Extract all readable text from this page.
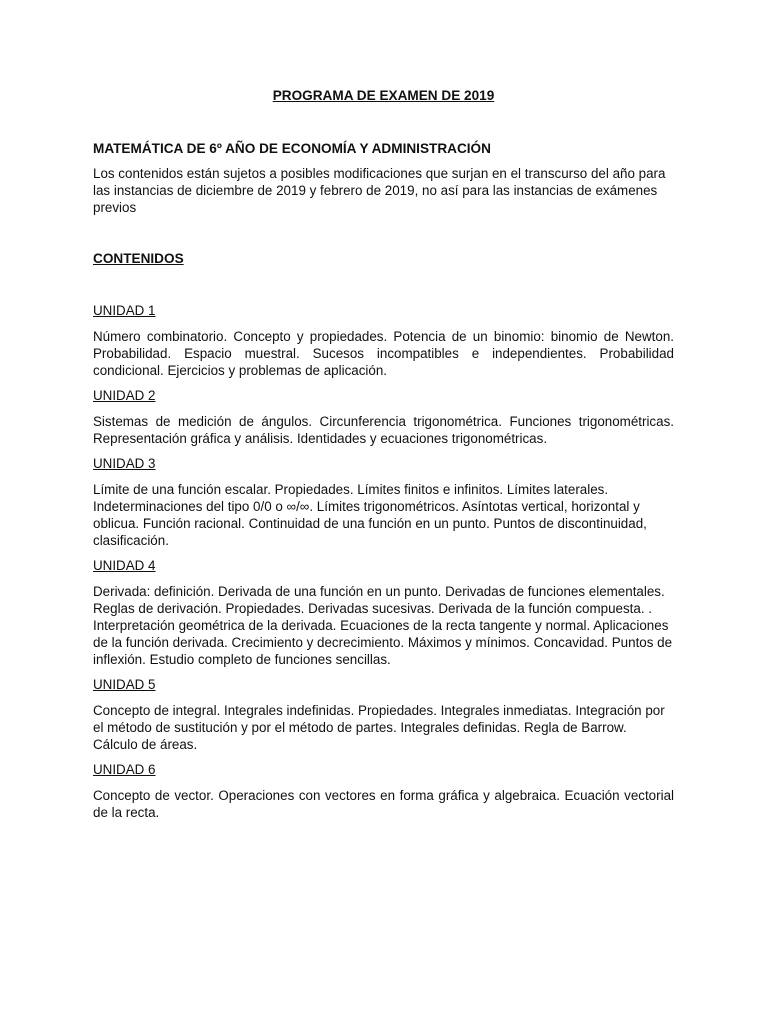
PROGRAMA DE EXAMEN DE 2019

MATEMÁTICA DE 6º AÑO DE ECONOMÍA Y ADMINISTRACIÓN

Los contenidos están sujetos a posibles modificaciones que surjan en el transcurso del año para las instancias de diciembre de 2019 y febrero de 2019, no así para las instancias de exámenes previos

CONTENIDOS

UNIDAD 1

Número combinatorio. Concepto y propiedades. Potencia de un binomio: binomio de Newton. Probabilidad. Espacio muestral. Sucesos incompatibles e independientes. Probabilidad condicional. Ejercicios y problemas de aplicación.

UNIDAD 2

Sistemas de medición de ángulos. Circunferencia trigonométrica. Funciones trigonométricas. Representación gráfica y análisis. Identidades y ecuaciones trigonométricas.

UNIDAD 3

Límite de una función escalar. Propiedades. Límites finitos e infinitos. Límites laterales. Indeterminaciones del tipo 0/0 o ∞/∞. Límites trigonométricos. Asíntotas vertical, horizontal y oblicua. Función racional. Continuidad de una función en un punto. Puntos de discontinuidad, clasificación.

UNIDAD 4

Derivada: definición. Derivada de una función en un punto. Derivadas de funciones elementales. Reglas de derivación. Propiedades. Derivadas sucesivas. Derivada de la función compuesta. . Interpretación geométrica de la derivada. Ecuaciones de la recta tangente y normal. Aplicaciones de la función derivada. Crecimiento y decrecimiento. Máximos y mínimos. Concavidad. Puntos de inflexión. Estudio completo de funciones sencillas.

UNIDAD 5

Concepto de integral. Integrales indefinidas. Propiedades. Integrales inmediatas. Integración por el método de sustitución y por el método de partes. Integrales definidas. Regla de Barrow. Cálculo de áreas.

UNIDAD 6

Concepto de vector. Operaciones con vectores en forma gráfica y algebraica. Ecuación vectorial de la recta.
